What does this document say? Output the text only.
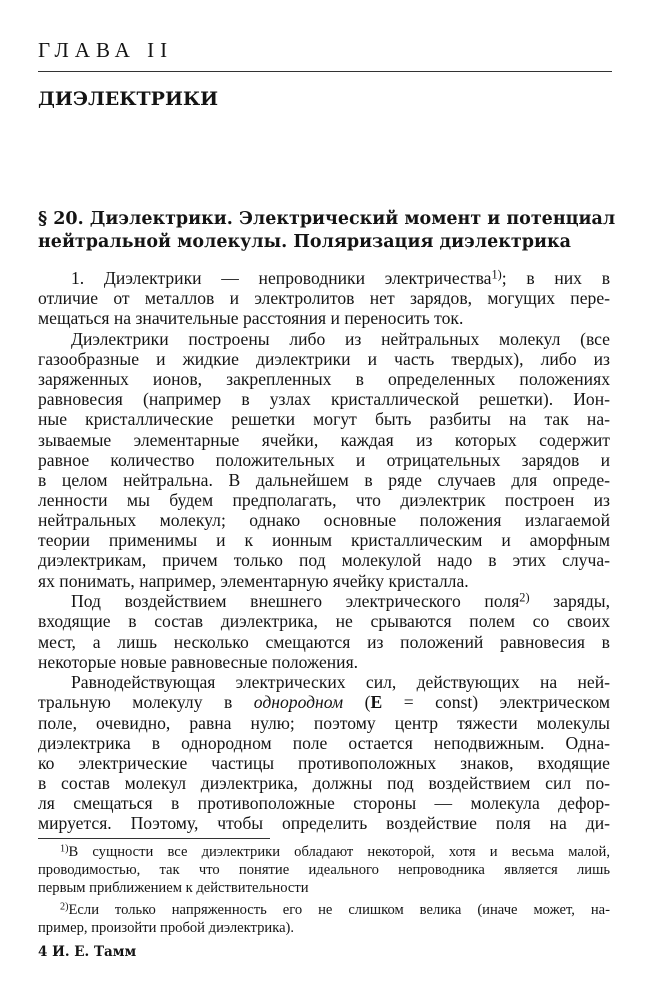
ГЛАВА II
ДИЭЛЕКТРИКИ
§ 20. Диэлектрики. Электрический момент и потенциал
нейтральной молекулы. Поляризация диэлектрика
1. Диэлектрики — непроводники электричества$^{1)}$; в них в
отличие от металлов и электролитов нет зарядов, могущих пере-
мещаться на значительные расстояния и переносить ток.
Диэлектрики построены либо из нейтральных молекул (все
газообразные и жидкие диэлектрики и часть твердых), либо из
заряженных ионов, закрепленных в определенных положениях
равновесия (например в узлах кристаллической решетки). Ион-
ные кристаллические решетки могут быть разбиты на так на-
зываемые элементарные ячейки, каждая из которых содержит
равное количество положительных и отрицательных зарядов и
в целом нейтральна. В дальнейшем в ряде случаев для опреде-
ленности мы будем предполагать, что диэлектрик построен из
нейтральных молекул; однако основные положения излагаемой
теории применимы и к ионным кристаллическим и аморфным
диэлектрикам, причем только под молекулой надо в этих случа-
ях понимать, например, элементарную ячейку кристалла.
Под воздействием внешнего электрического поля$^{2)}$ заряды,
входящие в состав диэлектрика, не срываются полем со своих
мест, а лишь несколько смещаются из положений равновесия в
некоторые новые равновесные положения.
Равнодействующая электрических сил, действующих на ней-
тральную молекулу в однородном (E = const) электрическом
поле, очевидно, равна нулю; поэтому центр тяжести молекулы
диэлектрика в однородном поле остается неподвижным. Однa-
ко электрические частицы противоположных знаков, входящие
в состав молекул диэлектрика, должны под воздействием сил по-
ля смещаться в противоположные стороны — молекула дефор-
мируется. Поэтому, чтобы определить воздействие поля на ди-
$^{1)}$В сущности все диэлектрики обладают некоторой, хотя и весьма малой,
проводимостью, так что понятие идеального непроводника является лишь
первым приближением к действительности
$^{2)}$Если только напряженность его не слишком велика (иначе может, на-
пример, произойти пробой диэлектрика).
4 И. Е. Тамм
